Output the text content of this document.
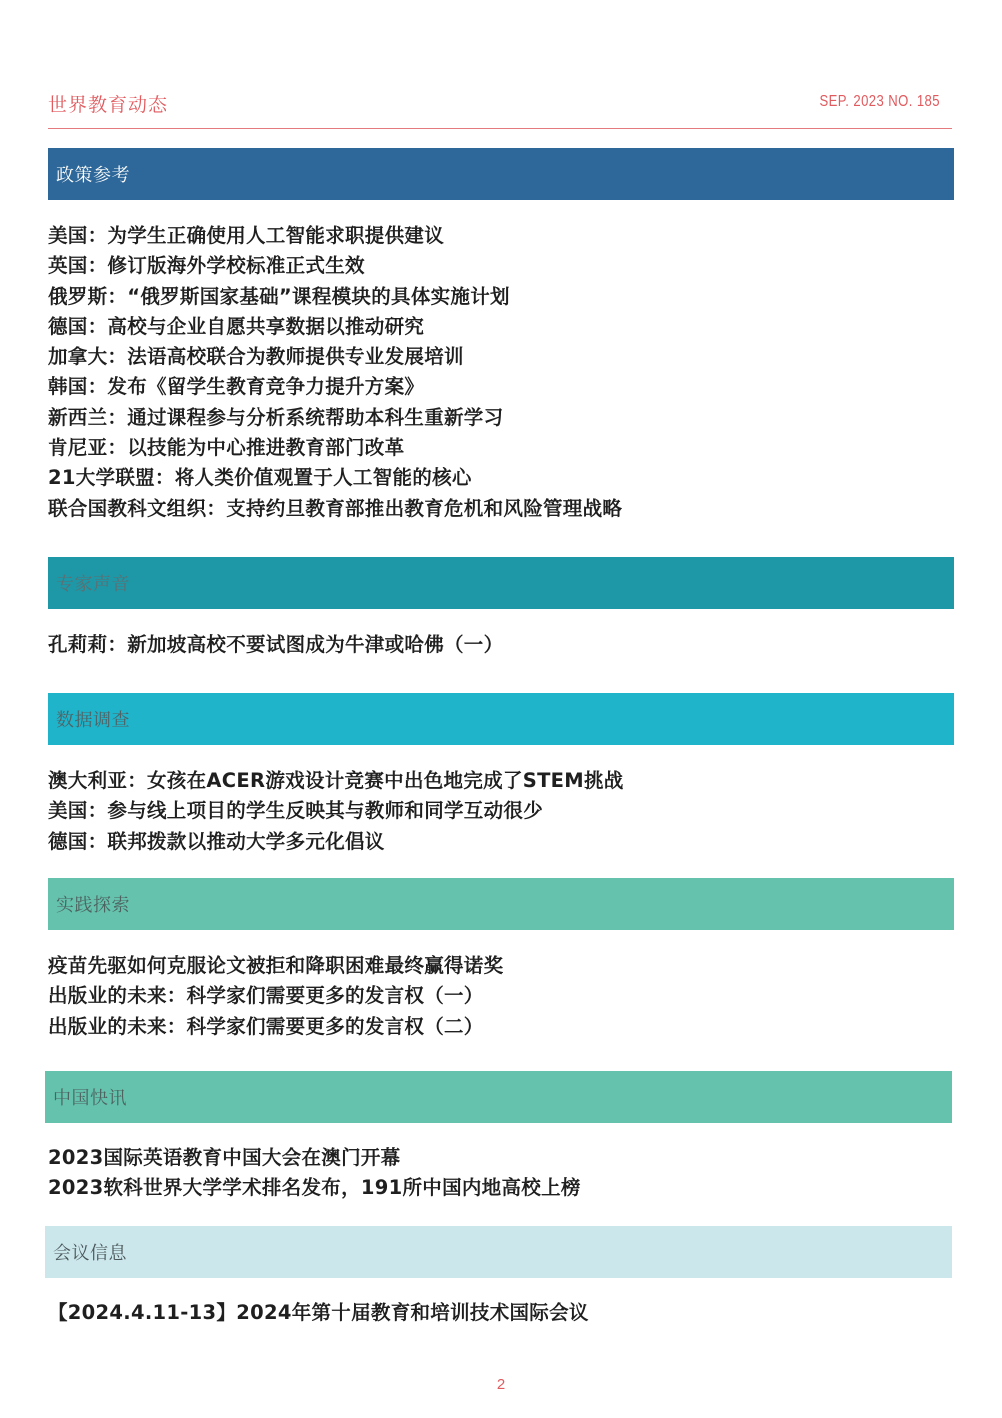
世界教育动态	SEP. 2023 NO. 185
政策参考
美国：为学生正确使用人工智能求职提供建议
英国：修订版海外学校标准正式生效
俄罗斯：“俄罗斯国家基础”课程模块的具体实施计划
德国：高校与企业自愿共享数据以推动研究
加拿大：法语高校联合为教师提供专业发展培训
韩国：发布《留学生教育竞争力提升方案》
新西兰：通过课程参与分析系统帮助本科生重新学习
肯尼亚：以技能为中心推进教育部门改革
21大学联盟：将人类价值观置于人工智能的核心
联合国教科文组织：支持约旦教育部推出教育危机和风险管理战略
专家声音
孔莉莉：新加坡高校不要试图成为牛津或哈佛（一）
数据调查
澳大利亚：女孩在ACER游戏设计竞赛中出色地完成了STEM挑战
美国：参与线上项目的学生反映其与教师和同学互动很少
德国：联邦拨款以推动大学多元化倡议
实践探索
疫苗先驱如何克服论文被拒和降职困难最终赢得诺奖
出版业的未来：科学家们需要更多的发言权（一）
出版业的未来：科学家们需要更多的发言权（二）
中国快讯
2023国际英语教育中国大会在澳门开幕
2023软科世界大学学术排名发布，191所中国内地高校上榜
会议信息
【2024.4.11-13】2024年第十届教育和培训技术国际会议
2
